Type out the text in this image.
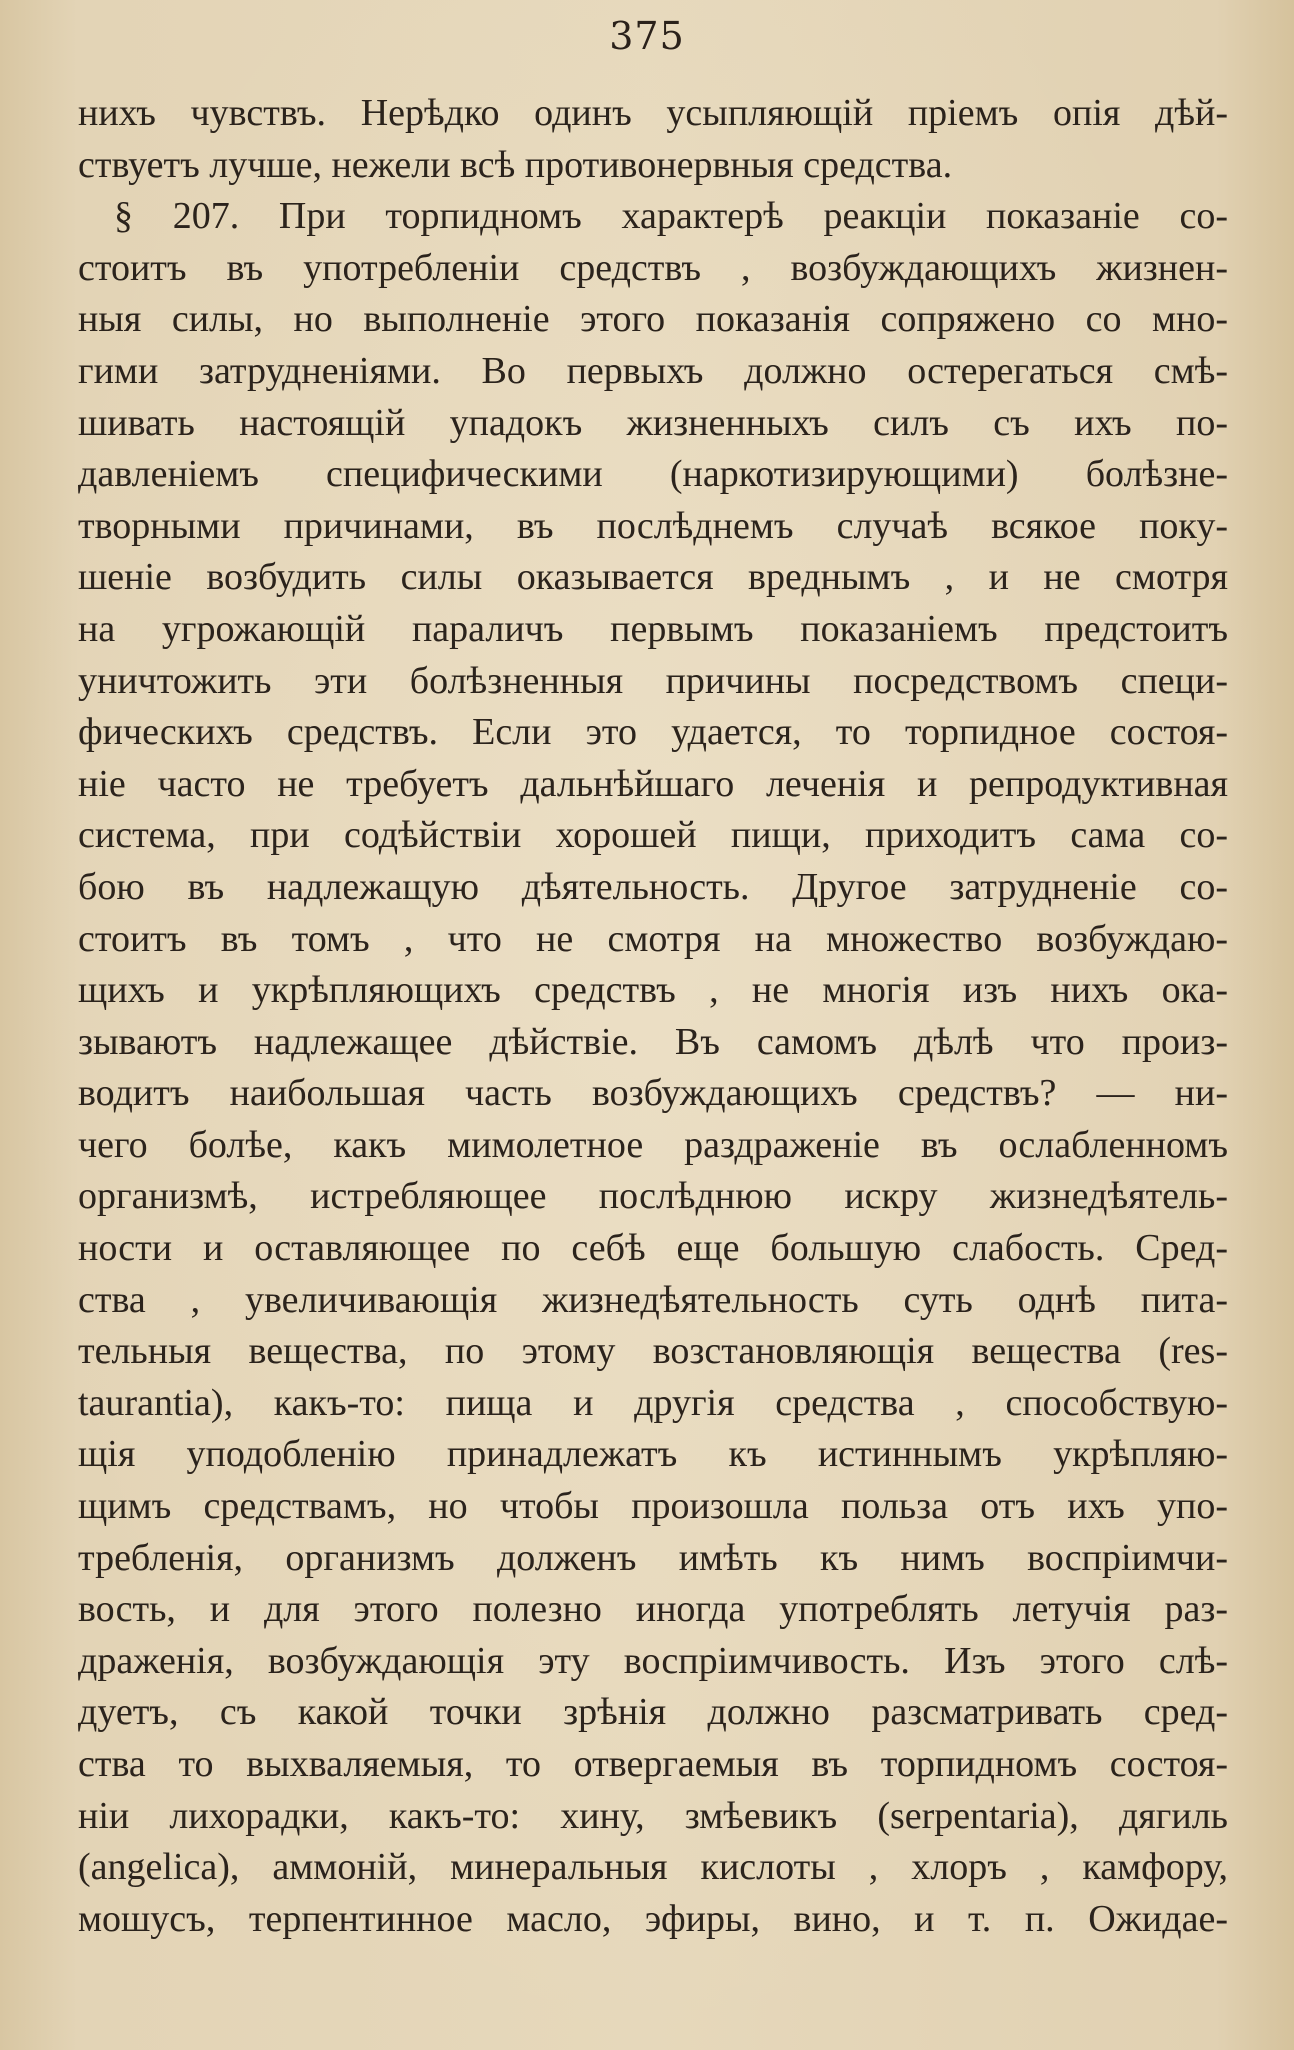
375
нихъ чувствъ. Нерѣдко одинъ усыпляющій пріемъ опія дѣй-
ствуетъ лучше, нежели всѣ противонервныя средства.
§ 207. При торпидномъ характерѣ реакціи показаніе со-
стоитъ въ употребленіи средствъ , возбуждающихъ жизнен-
ныя силы, но выполненіе этого показанія сопряжено со мно-
гими затрудненіями. Во первыхъ должно остерегаться смѣ-
шивать настоящій упадокъ жизненныхъ силъ съ ихъ по-
давленіемъ специфическими (наркотизирующими) болѣзне-
творными причинами, въ послѣднемъ случаѣ всякое поку-
шеніе возбудить силы оказывается вреднымъ , и не смотря
на угрожающій параличъ первымъ показаніемъ предстоитъ
уничтожить эти болѣзненныя причины посредствомъ специ-
фическихъ средствъ. Если это удается, то торпидное состоя-
ніе часто не требуетъ дальнѣйшаго леченія и репродуктивная
система, при содѣйствіи хорошей пищи, приходитъ сама со-
бою въ надлежащую дѣятельность. Другое затрудненіе со-
стоитъ въ томъ , что не смотря на множество возбуждаю-
щихъ и укрѣпляющихъ средствъ , не многія изъ нихъ ока-
зываютъ надлежащее дѣйствіе. Въ самомъ дѣлѣ что произ-
водитъ наибольшая часть возбуждающихъ средствъ? — ни-
чего болѣе, какъ мимолетное раздраженіе въ ослабленномъ
организмѣ, истребляющее послѣднюю искру жизнедѣятель-
ности и оставляющее по себѣ еще большую слабость. Сред-
ства , увеличивающія жизнедѣятельность суть однѣ пита-
тельныя вещества, по этому возстановляющія вещества (res-
taurantia), какъ-то: пища и другія средства , способствую-
щія уподобленію принадлежатъ къ истиннымъ укрѣпляю-
щимъ средствамъ, но чтобы произошла польза отъ ихъ упо-
требленія, организмъ долженъ имѣть къ нимъ воспріимчи-
вость, и для этого полезно иногда употреблять летучія раз-
драженія, возбуждающія эту воспріимчивость. Изъ этого слѣ-
дуетъ, съ какой точки зрѣнія должно разсматривать сред-
ства то выхваляемыя, то отвергаемыя въ торпидномъ состоя-
ніи лихорадки, какъ-то: хину, змѣевикъ (serpentaria), дягиль
(angelica), аммоній, минеральныя кислоты , хлоръ , камфору,
мошусъ, терпентинное масло, эфиры, вино, и т. п. Ожидае-
